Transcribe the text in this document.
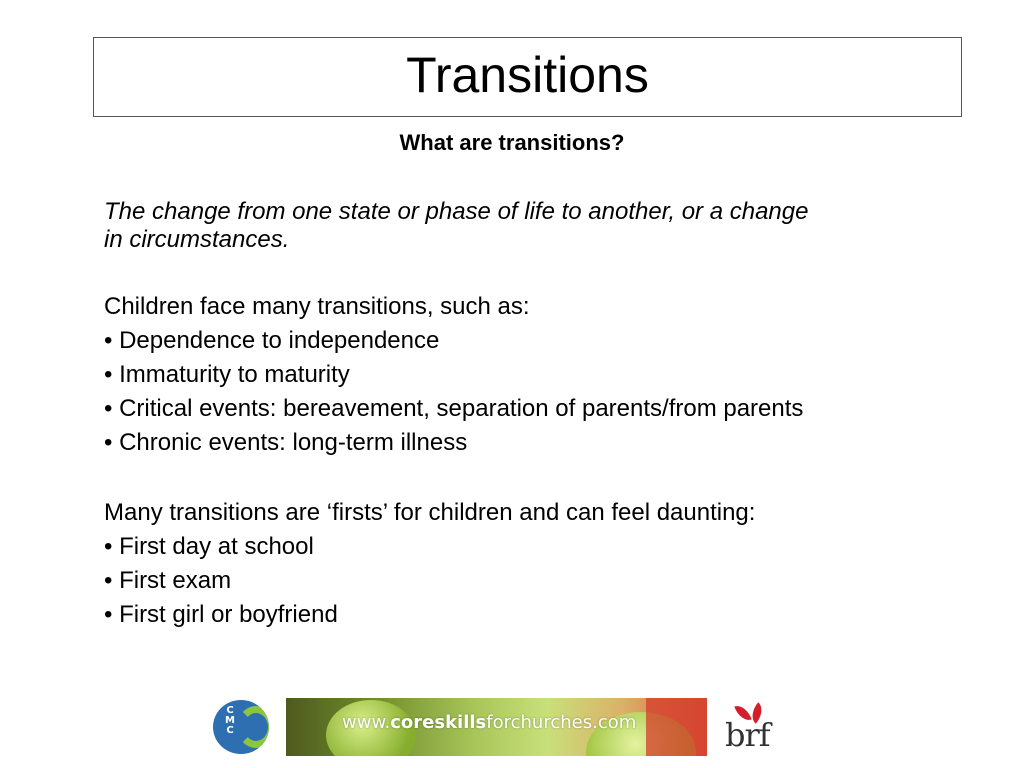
Transitions
What are transitions?
The change from one state or phase of life to another, or a change
in circumstances.
Children face many transitions, such as:
• Dependence to independence
• Immaturity to maturity
• Critical events: bereavement, separation of parents/from parents
• Chronic events: long-term illness
Many transitions are ‘firsts’ for children and can feel daunting:
• First day at school
• First exam
• First girl or boyfriend
C
M
C	www.coreskillsforchurches.com	brf
